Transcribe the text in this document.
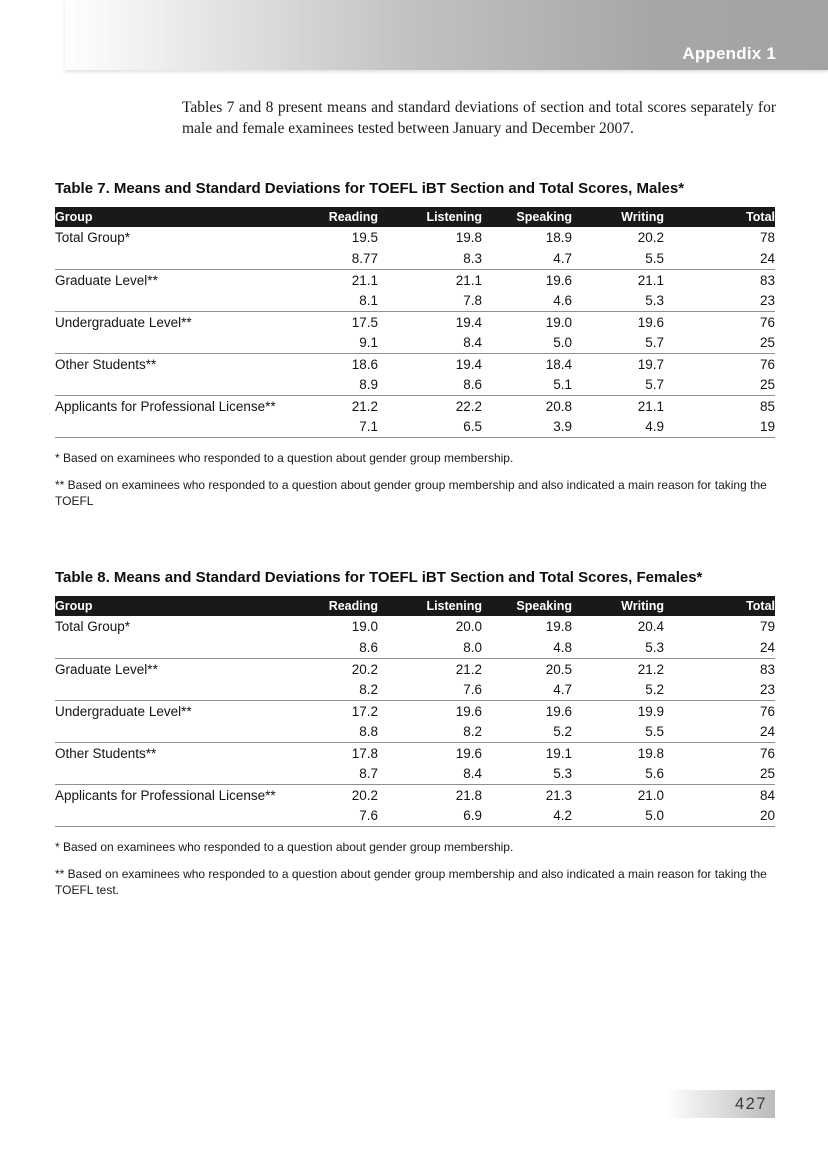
Appendix 1

Tables 7 and 8 present means and standard deviations of section and total scores separately for male and female examinees tested between January and December 2007.

Table 7. Means and Standard Deviations for TOEFL iBT Section and Total Scores, Males*
Group	Reading	Listening	Speaking	Writing	Total
Total Group*	19.5	19.8	18.9	20.2	78
	8.77	8.3	4.7	5.5	24
Graduate Level**	21.1	21.1	19.6	21.1	83
	8.1	7.8	4.6	5.3	23
Undergraduate Level**	17.5	19.4	19.0	19.6	76
	9.1	8.4	5.0	5.7	25
Other Students**	18.6	19.4	18.4	19.7	76
	8.9	8.6	5.1	5.7	25
Applicants for Professional License**	21.2	22.2	20.8	21.1	85
	7.1	6.5	3.9	4.9	19

* Based on examinees who responded to a question about gender group membership.

** Based on examinees who responded to a question about gender group membership and also indicated a main reason for taking the TOEFL

Table 8. Means and Standard Deviations for TOEFL iBT Section and Total Scores, Females*
Group	Reading	Listening	Speaking	Writing	Total
Total Group*	19.0	20.0	19.8	20.4	79
	8.6	8.0	4.8	5.3	24
Graduate Level**	20.2	21.2	20.5	21.2	83
	8.2	7.6	4.7	5.2	23
Undergraduate Level**	17.2	19.6	19.6	19.9	76
	8.8	8.2	5.2	5.5	24
Other Students**	17.8	19.6	19.1	19.8	76
	8.7	8.4	5.3	5.6	25
Applicants for Professional License**	20.2	21.8	21.3	21.0	84
	7.6	6.9	4.2	5.0	20

* Based on examinees who responded to a question about gender group membership.

** Based on examinees who responded to a question about gender group membership and also indicated a main reason for taking the TOEFL test.

427
